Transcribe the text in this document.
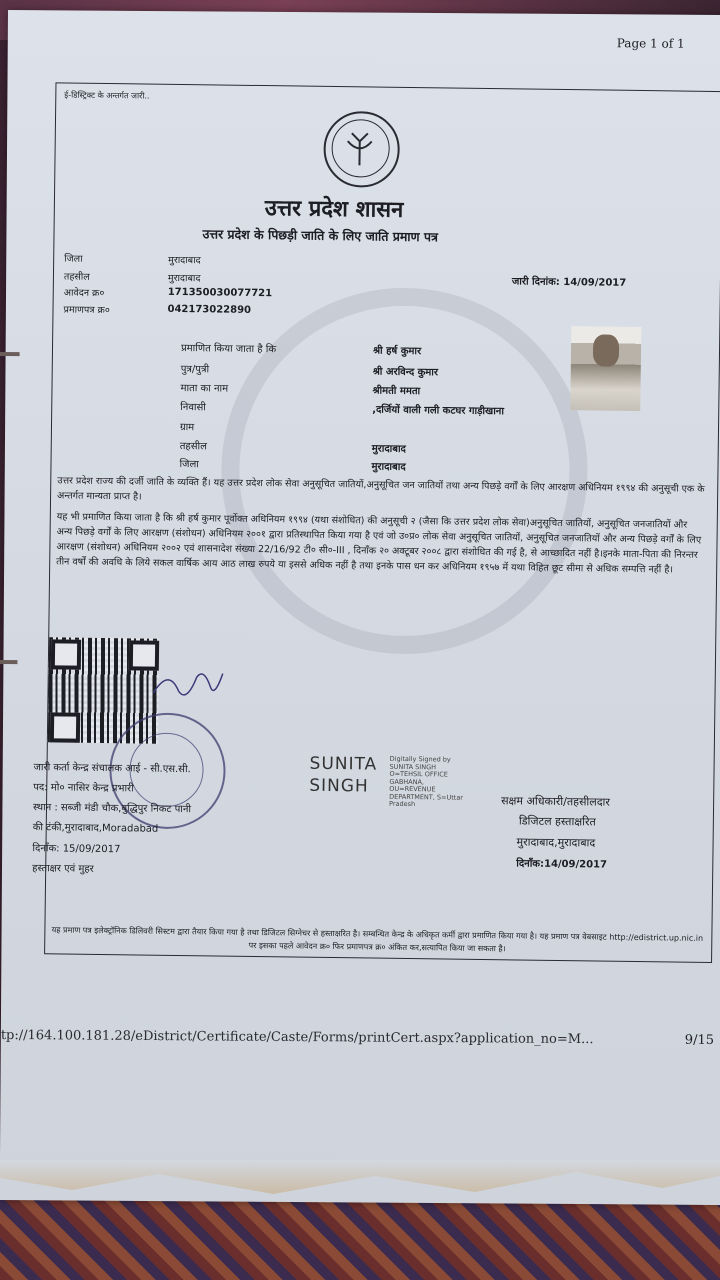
Page 1 of 1
ई-डिस्ट्रिक्ट के अन्तर्गत जारी..
उत्तर प्रदेश शासन
उत्तर प्रदेश के पिछड़ी जाति के लिए जाति प्रमाण पत्र
जिला	मुरादाबाद
तहसील	मुरादाबाद
आवेदन क्र०	171350030077721
प्रमाणपत्र क्र०	042173022890
जारी दिनांक: 14/09/2017
प्रमाणित किया जाता है कि	श्री हर्ष कुमार
पुत्र/पुत्री	श्री अरविन्द कुमार
माता का नाम	श्रीमती ममता
निवासी	,दर्जियों वाली गली कटघर गाड़ीखाना
ग्राम
तहसील	मुरादाबाद
जिला	मुरादाबाद
उत्तर प्रदेश राज्य की दर्जी जाति के व्यक्ति हैं। यह उत्तर प्रदेश लोक सेवा अनुसूचित जातियों,अनुसूचित जन जातियों तथा अन्य पिछड़े वर्गों के लिए आरक्षण अधिनियम १९९४ की अनुसूची एक के अन्तर्गत मान्यता प्राप्त है।
यह भी प्रमाणित किया जाता है कि श्री हर्ष कुमार पूर्वोक्त अधिनियम १९९४ (यथा संशोधित) की अनुसूची २ (जैसा कि उत्तर प्रदेश लोक सेवा)अनुसूचित जातियों, अनुसूचित जनजातियों और अन्य पिछड़े वर्गों के लिए आरक्षण (संशोधन) अधिनियम २००१ द्वारा प्रतिस्थापित किया गया है एवं जो उ०प्र० लोक सेवा अनुसूचित जातियों, अनुसूचित जनजातियों और अन्य पिछड़े वर्गों के लिए आरक्षण (संशोधन) अधिनियम २००२ एवं शासनादेश संख्या 22/16/92 टी० सी०-III , दिनाँक २० अक्टूबर २००८ द्वारा संशोधित की गई है, से आच्छादित नहीं है।इनके माता-पिता की निरन्तर तीन वर्षों की अवधि के लिये सकल वार्षिक आय आठ लाख रुपये या इससे अधिक नहीं है तथा इनके पास धन कर अधिनियम १९५७ में यथा विहित छूट सीमा से अधिक सम्पत्ति नहीं है।
जारी कर्ता केन्द्र संचालक आई - सी.एस.सी.
पद: मो० नासिर केन्द्र प्रभारी
स्थान : सब्जी मंडी चौक,बुद्धिपुर निकट पानी
की टंकी,मुरादाबाद,Moradabad
दिनाँक: 15/09/2017
हस्ताक्षर एवं मुहर
SUNITA
SINGH
Digitally Signed by
SUNITA SINGH
O=TEHSIL OFFICE
GABHANA,
OU=REVENUE
DEPARTMENT, S=Uttar
Pradesh	सक्षम अधिकारी/तहसीलदार
डिजिटल हस्ताक्षरित
मुरादाबाद,मुरादाबाद
दिनाँक:14/09/2017
यह प्रमाण पत्र इलेक्ट्रॉनिक डिलिवरी सिस्टम द्वारा तैयार किया गया है तथा डिजिटल सिग्नेचर से हस्ताक्षरित है। सम्बन्धित केन्द्र के अधिकृत कर्मी द्वारा प्रमाणित किया गया है। यह प्रमाण पत्र वेबसाइट http://edistrict.up.nic.in पर इसका पहले आवेदन क्र० फिर प्रमाणपत्र क्र० अंकित कर,सत्यापित किया जा सकता है।
tp://164.100.181.28/eDistrict/Certificate/Caste/Forms/printCert.aspx?application_no=M...	9/15
